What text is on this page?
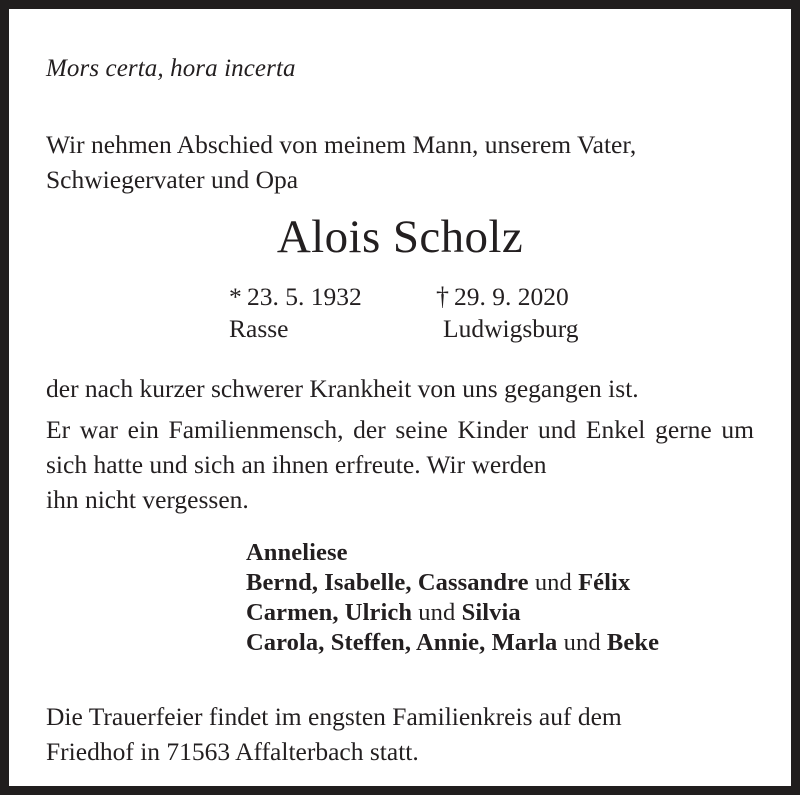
Mors certa, hora incerta
Wir nehmen Abschied von meinem Mann, unserem Vater,
Schwiegervater und Opa
Alois Scholz
* 23. 5. 1932	† 29. 9. 2020
Rasse	Ludwigsburg
der nach kurzer schwerer Krankheit von uns gegangen ist.
Er war ein Familienmensch, der seine Kinder und Enkel gerne um sich hatte und sich an ihnen erfreute. Wir werden
ihn nicht vergessen.
Anneliese
Bernd, Isabelle, Cassandre und Félix
Carmen, Ulrich und Silvia
Carola, Steffen, Annie, Marla und Beke
Die Trauerfeier findet im engsten Familienkreis auf dem
Friedhof in 71563 Affalterbach statt.
